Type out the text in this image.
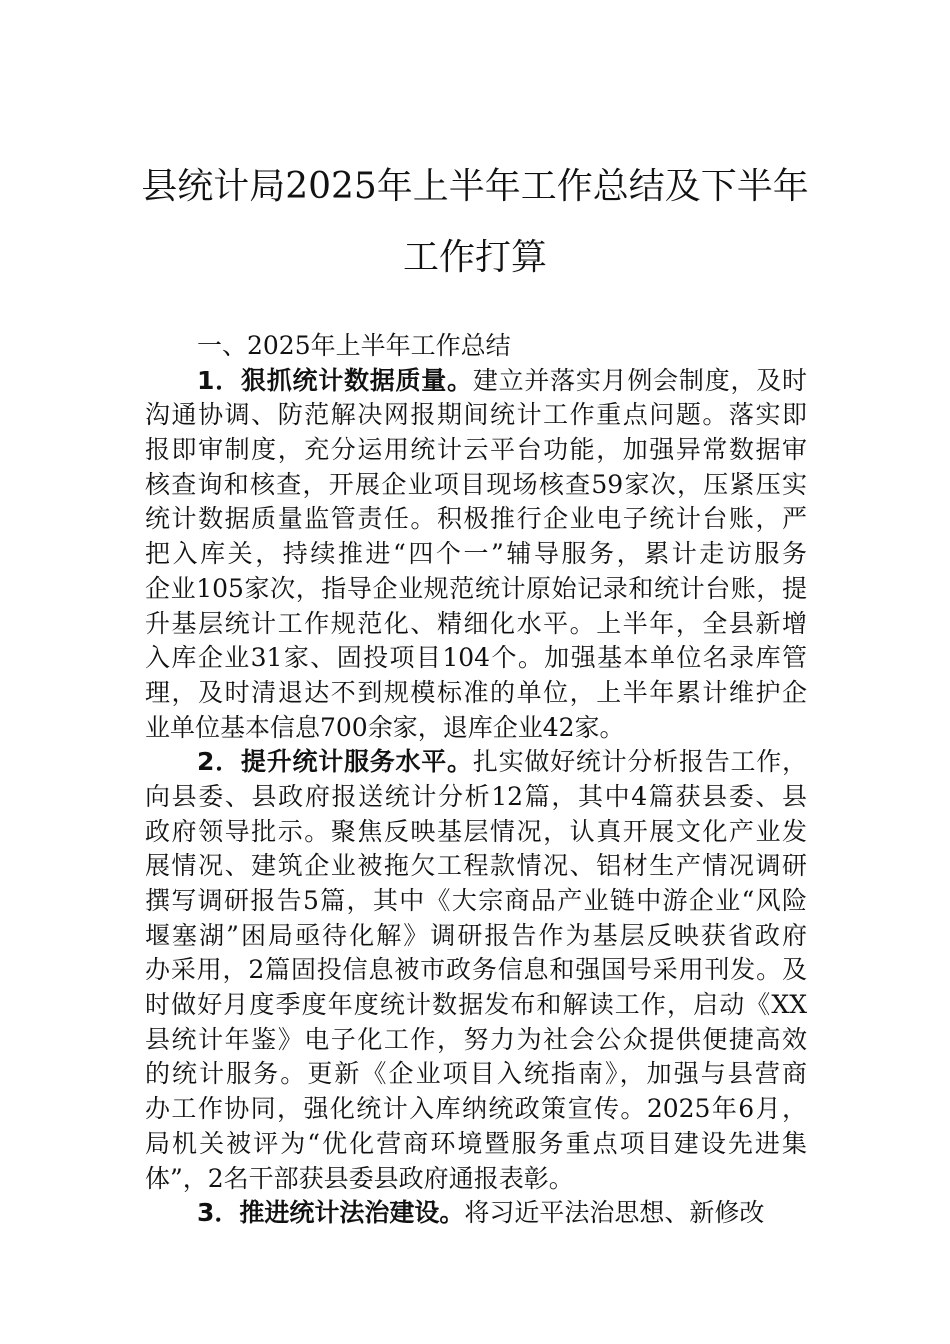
县统计局2025年上半年工作总结及下半年
工作打算
一、2025年上半年工作总结
1．狠抓统计数据质量。建立并落实月例会制度，及时
沟通协调、防范解决网报期间统计工作重点问题。落实即
报即审制度，充分运用统计云平台功能，加强异常数据审
核查询和核查，开展企业项目现场核查59家次，压紧压实
统计数据质量监管责任。积极推行企业电子统计台账，严
把入库关，持续推进“四个一”辅导服务，累计走访服务
企业105家次，指导企业规范统计原始记录和统计台账，提
升基层统计工作规范化、精细化水平。上半年，全县新增
入库企业31家、固投项目104个。加强基本单位名录库管
理，及时清退达不到规模标准的单位，上半年累计维护企
业单位基本信息700余家，退库企业42家。
2．提升统计服务水平。扎实做好统计分析报告工作，
向县委、县政府报送统计分析12篇，其中4篇获县委、县
政府领导批示。聚焦反映基层情况，认真开展文化产业发
展情况、建筑企业被拖欠工程款情况、铝材生产情况调研
撰写调研报告5篇，其中《大宗商品产业链中游企业“风险
堰塞湖”困局亟待化解》调研报告作为基层反映获省政府
办采用，2篇固投信息被市政务信息和强国号采用刊发。及
时做好月度季度年度统计数据发布和解读工作，启动《XX
县统计年鉴》电子化工作，努力为社会公众提供便捷高效
的统计服务。更新《企业项目入统指南》，加强与县营商
办工作协同，强化统计入库纳统政策宣传。2025年6月，
局机关被评为“优化营商环境暨服务重点项目建设先进集
体”，2名干部获县委县政府通报表彰。
3．推进统计法治建设。将习近平法治思想、新修改
